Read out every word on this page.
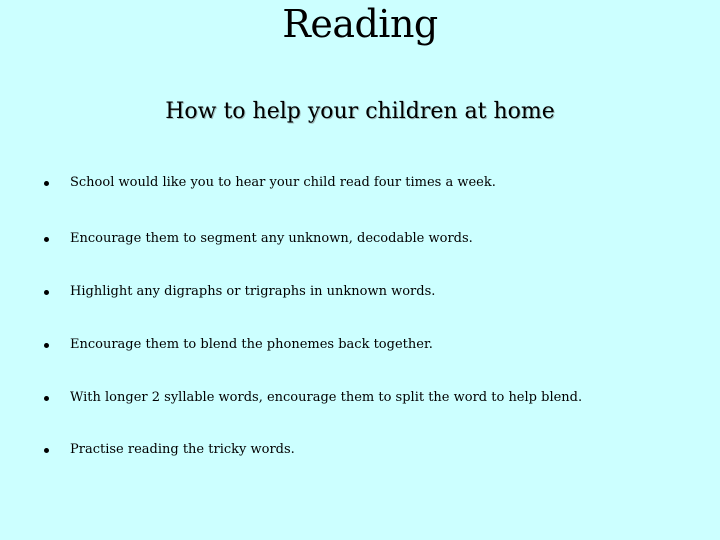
Reading
How to help your children at home
School would like you to hear your child read four times a week.
Encourage them to segment any unknown, decodable words.
Highlight any digraphs or trigraphs in unknown words.
Encourage them to blend the phonemes back together.
With longer 2 syllable words, encourage them to split the word to help blend.
Practise reading the tricky words.
